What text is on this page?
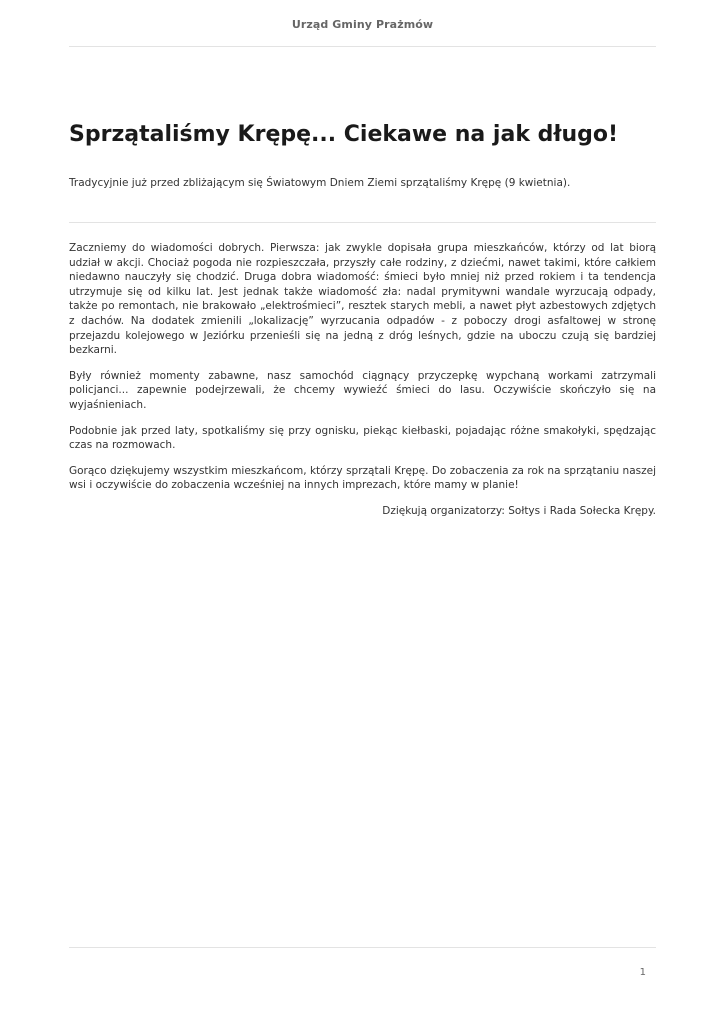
Urząd Gminy Prażmów
Sprzątaliśmy Krępę... Ciekawe na jak długo!

Tradycyjnie już przed zbliżającym się Światowym Dniem Ziemi sprzątaliśmy Krępę (9 kwietnia).

Zaczniemy do wiadomości dobrych. Pierwsza: jak zwykle dopisała grupa mieszkańców, którzy od lat biorą udział w akcji. Chociaż pogoda nie rozpieszczała, przyszły całe rodziny, z dziećmi, nawet takimi, które całkiem niedawno nauczyły się chodzić. Druga dobra wiadomość: śmieci było mniej niż przed rokiem i ta tendencja utrzymuje się od kilku lat. Jest jednak także wiadomość zła: nadal prymitywni wandale wyrzucają odpady, także po remontach, nie brakowało „elektrośmieci”, resztek starych mebli, a nawet płyt azbestowych zdjętych z dachów. Na dodatek zmienili „lokalizację” wyrzucania odpadów - z poboczy drogi asfaltowej w stronę przejazdu kolejowego w Jeziórku przenieśli się na jedną z dróg leśnych, gdzie na uboczu czują się bardziej bezkarni.

Były również momenty zabawne, nasz samochód ciągnący przyczepkę wypchaną workami zatrzymali policjanci... zapewnie podejrzewali, że chcemy wywieźć śmieci do lasu. Oczywiście skończyło się na wyjaśnieniach.

Podobnie jak przed laty, spotkaliśmy się przy ognisku, piekąc kiełbaski, pojadając różne smakołyki, spędzając czas na rozmowach.

Gorąco dziękujemy wszystkim mieszkańcom, którzy sprzątali Krępę. Do zobaczenia za rok na sprzątaniu naszej wsi i oczywiście do zobaczenia wcześniej na innych imprezach, które mamy w planie!

Dziękują organizatorzy: Sołtys i Rada Sołecka Krępy.

1
